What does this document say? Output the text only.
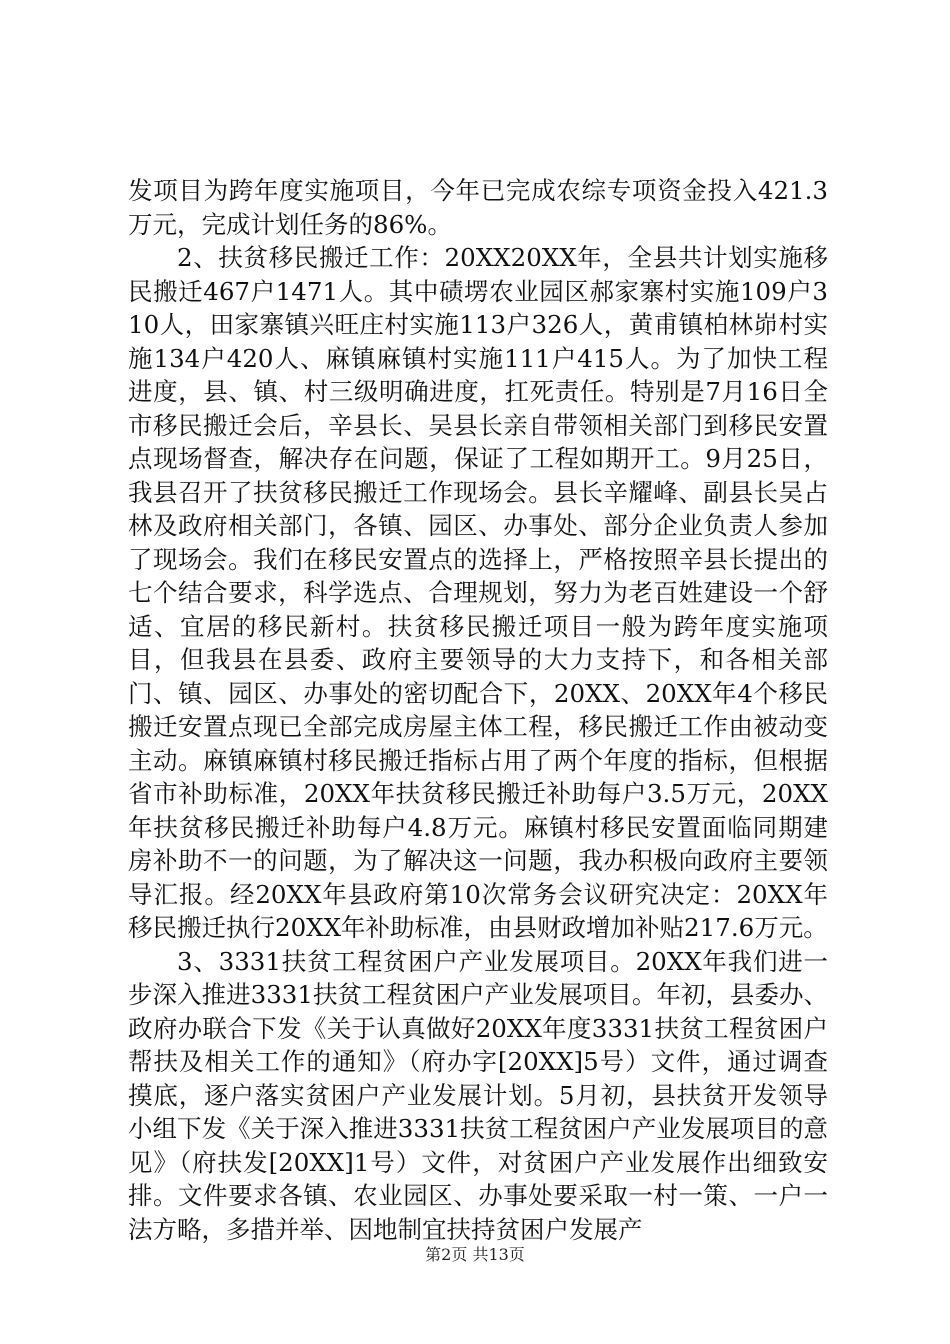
发项目为跨年度实施项目，今年已完成农综专项资金投入421.3万元，完成计划任务的86%。

2、扶贫移民搬迁工作：20XX20XX年，全县共计划实施移民搬迁467户1471人。其中碛塄农业园区郝家寨村实施109户310人，田家寨镇兴旺庄村实施113户326人，黄甫镇柏林峁村实施134户420人、麻镇麻镇村实施111户415人。为了加快工程进度，县、镇、村三级明确进度，扛死责任。特别是7月16日全市移民搬迁会后，辛县长、吴县长亲自带领相关部门到移民安置点现场督查，解决存在问题，保证了工程如期开工。9月25日，我县召开了扶贫移民搬迁工作现场会。县长辛耀峰、副县长吴占林及政府相关部门，各镇、园区、办事处、部分企业负责人参加了现场会。我们在移民安置点的选择上，严格按照辛县长提出的七个结合要求，科学选点、合理规划，努力为老百姓建设一个舒适、宜居的移民新村。扶贫移民搬迁项目一般为跨年度实施项目，但我县在县委、政府主要领导的大力支持下，和各相关部门、镇、园区、办事处的密切配合下，20XX、20XX年4个移民搬迁安置点现已全部完成房屋主体工程，移民搬迁工作由被动变主动。麻镇麻镇村移民搬迁指标占用了两个年度的指标，但根据省市补助标准，20XX年扶贫移民搬迁补助每户3.5万元，20XX年扶贫移民搬迁补助每户4.8万元。麻镇村移民安置面临同期建房补助不一的问题，为了解决这一问题，我办积极向政府主要领导汇报。经20XX年县政府第10次常务会议研究决定：20XX年移民搬迁执行20XX年补助标准，由县财政增加补贴217.6万元。

3、3331扶贫工程贫困户产业发展项目。20XX年我们进一步深入推进3331扶贫工程贫困户产业发展项目。年初，县委办、政府办联合下发《关于认真做好20XX年度3331扶贫工程贫困户帮扶及相关工作的通知》（府办字[20XX]5号）文件，通过调查摸底，逐户落实贫困户产业发展计划。5月初，县扶贫开发领导小组下发《关于深入推进3331扶贫工程贫困户产业发展项目的意见》（府扶发[20XX]1号）文件，对贫困户产业发展作出细致安排。文件要求各镇、农业园区、办事处要采取一村一策、一户一法方略，多措并举、因地制宜扶持贫困户发展产

第2页 共13页
